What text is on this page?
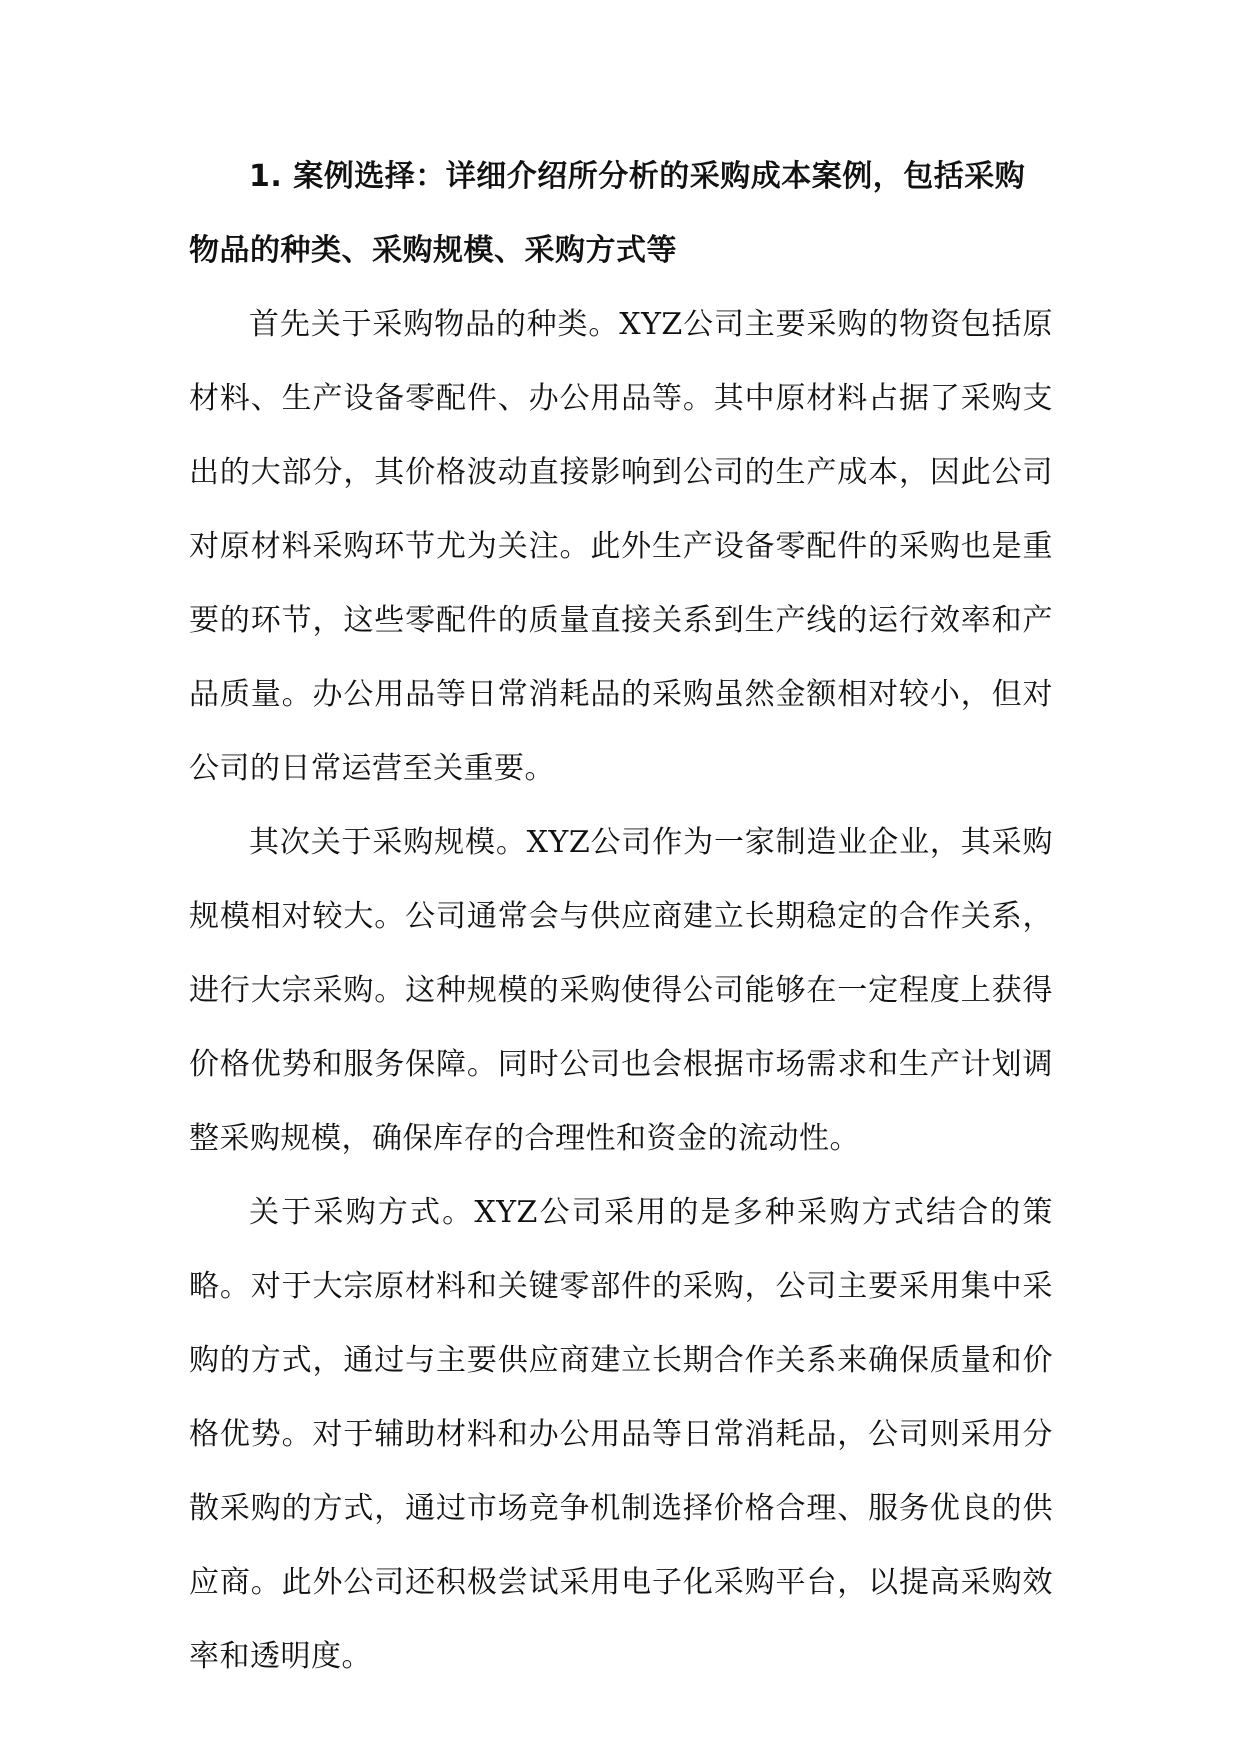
1. 案例选择：详细介绍所分析的采购成本案例，包括采购物品的种类、采购规模、采购方式等

首先关于采购物品的种类。XYZ公司主要采购的物资包括原材料、生产设备零配件、办公用品等。其中原材料占据了采购支出的大部分，其价格波动直接影响到公司的生产成本，因此公司对原材料采购环节尤为关注。此外生产设备零配件的采购也是重要的环节，这些零配件的质量直接关系到生产线的运行效率和产品质量。办公用品等日常消耗品的采购虽然金额相对较小，但对公司的日常运营至关重要。

其次关于采购规模。XYZ公司作为一家制造业企业，其采购规模相对较大。公司通常会与供应商建立长期稳定的合作关系，进行大宗采购。这种规模的采购使得公司能够在一定程度上获得价格优势和服务保障。同时公司也会根据市场需求和生产计划调整采购规模，确保库存的合理性和资金的流动性。

关于采购方式。XYZ公司采用的是多种采购方式结合的策略。对于大宗原材料和关键零部件的采购，公司主要采用集中采购的方式，通过与主要供应商建立长期合作关系来确保质量和价格优势。对于辅助材料和办公用品等日常消耗品，公司则采用分散采购的方式，通过市场竞争机制选择价格合理、服务优良的供应商。此外公司还积极尝试采用电子化采购平台，以提高采购效率和透明度。
